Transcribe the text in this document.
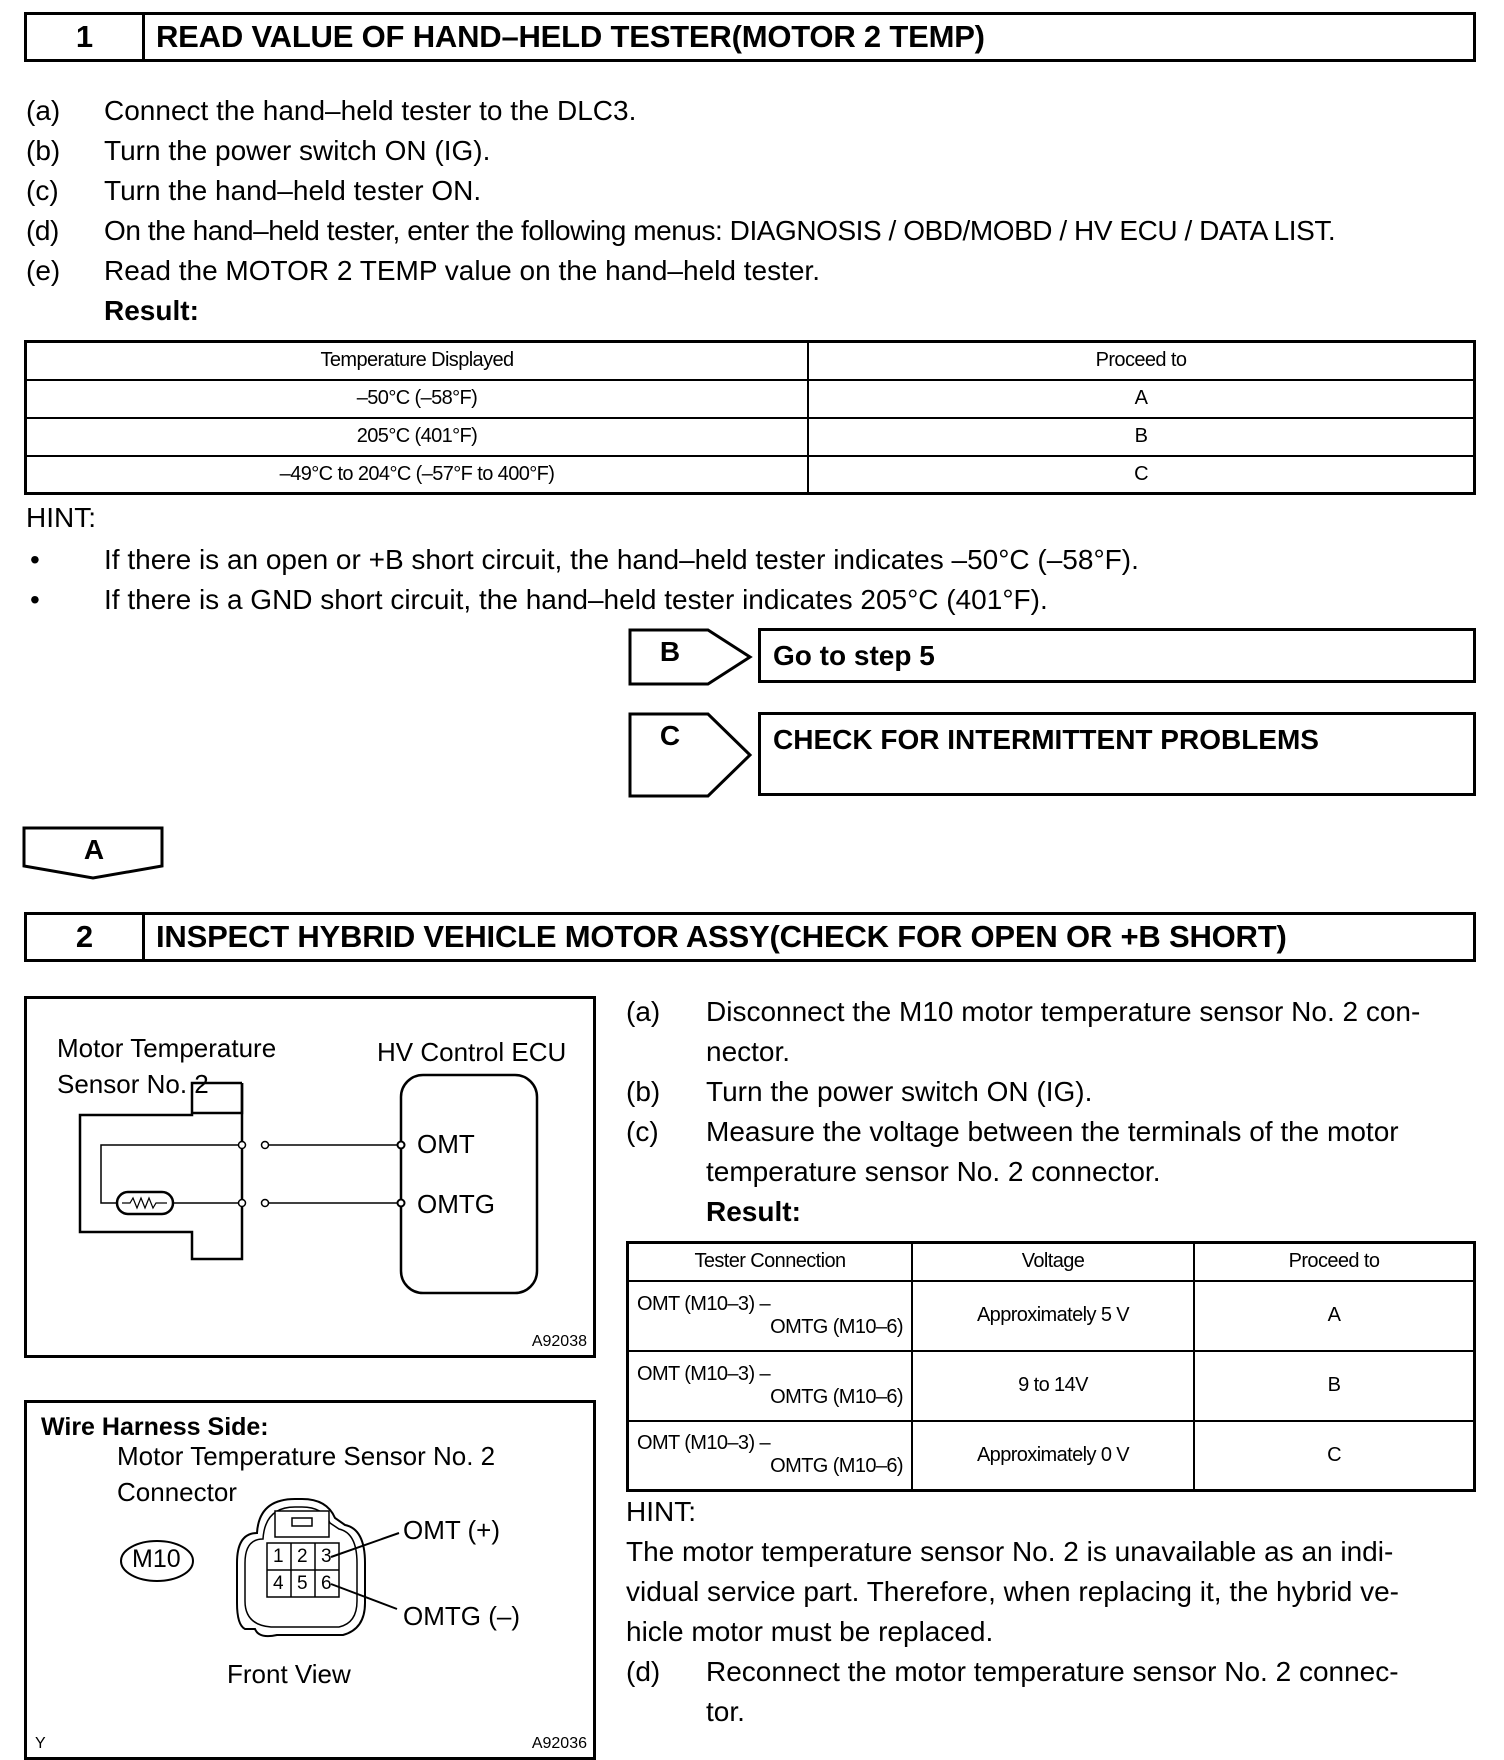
1	READ VALUE OF HAND–HELD TESTER(MOTOR 2 TEMP)
(a) Connect the hand–held tester to the DLC3.
(b) Turn the power switch ON (IG).
(c) Turn the hand–held tester ON.
(d) On the hand–held tester, enter the following menus: DIAGNOSIS / OBD/MOBD / HV ECU / DATA LIST.
(e) Read the MOTOR 2 TEMP value on the hand–held tester.
Result:
Temperature Displayed	Proceed to
–50°C (–58°F)	A
205°C (401°F)	B
–49°C to 204°C (–57°F to 400°F)	C
HINT:
• If there is an open or +B short circuit, the hand–held tester indicates –50°C (–58°F).
• If there is a GND short circuit, the hand–held tester indicates 205°C (401°F).
B	Go to step 5
C	CHECK FOR INTERMITTENT PROBLEMS
A
2	INSPECT HYBRID VEHICLE MOTOR ASSY(CHECK FOR OPEN OR +B SHORT)
Motor Temperature
Sensor No. 2
HV Control ECU
OMT
OMTG
A92038
Wire Harness Side:
Motor Temperature Sensor No. 2
Connector
M10	1 2 3
4 5 6
OMT (+)
OMTG (–)
Front View
Y	A92036
(a) Disconnect the M10 motor temperature sensor No. 2 con-
nector.
(b) Turn the power switch ON (IG).
(c) Measure the voltage between the terminals of the motor
temperature sensor No. 2 connector.
Result:
Tester Connection	Voltage	Proceed to

OMT (M10–3) –
OMTG (M10–6)	Approximately 5 V	A

OMT (M10–3) –
OMTG (M10–6)	9 to 14V	B

OMT (M10–3) –
OMTG (M10–6)	Approximately 0 V	C
HINT:
The motor temperature sensor No. 2 is unavailable as an indi-
vidual service part. Therefore, when replacing it, the hybrid ve-
hicle motor must be replaced.
(d) Reconnect the motor temperature sensor No. 2 connec-
tor.
